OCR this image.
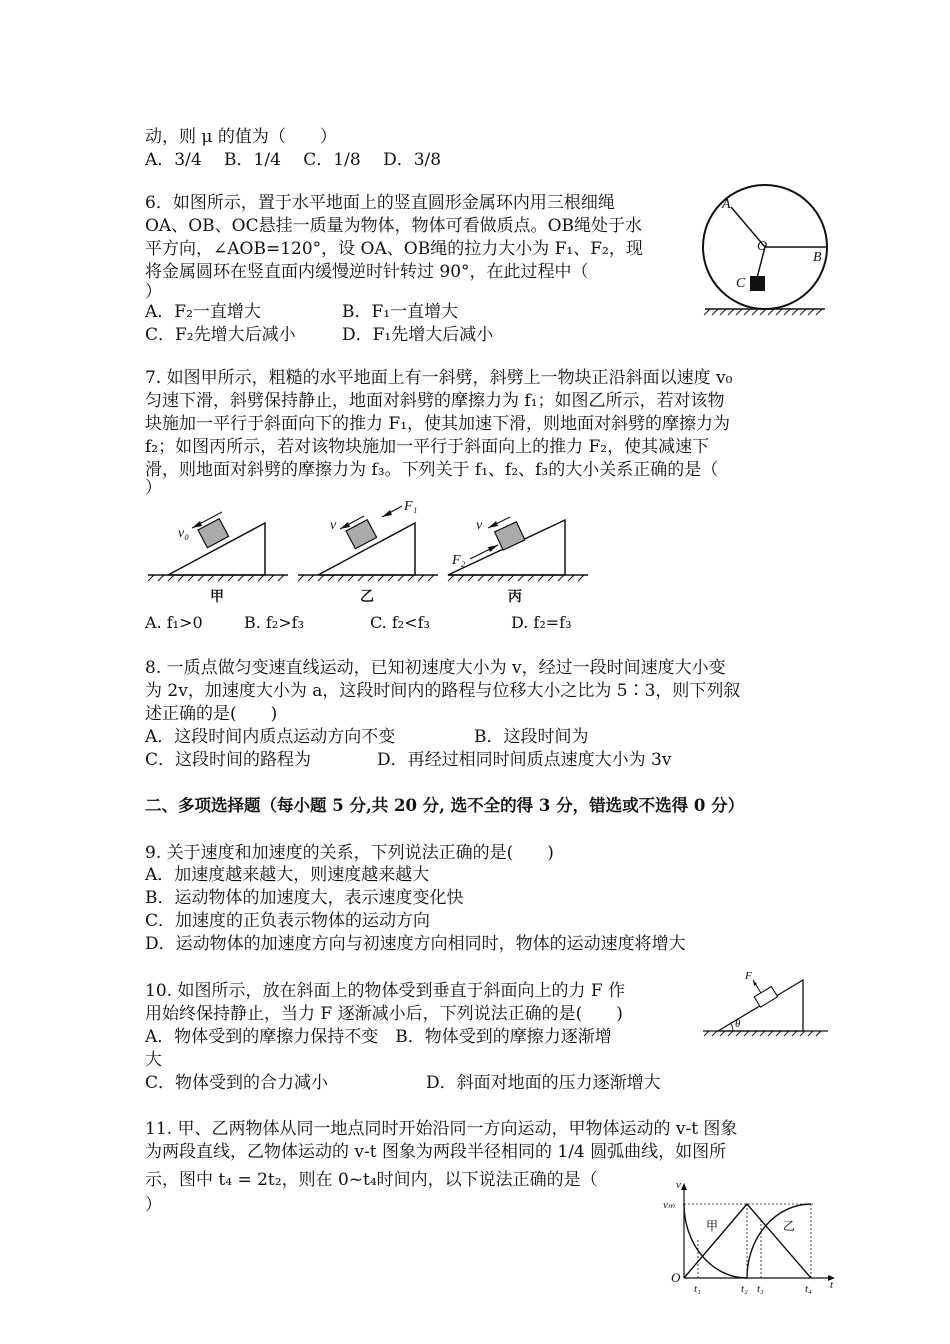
动，则 μ 的值为（　　）
A．3/4　 B．1/4　 C．1/8　 D．3/8
6．如图所示，置于水平地面上的竖直圆形金属环内用三根细绳
OA、OB、OC悬挂一质量为物体，物体可看做质点。OB绳处于水
平方向，∠AOB=120°，设 OA、OB绳的拉力大小为 F₁、F₂，现
将金属圆环在竖直面内缓慢逆时针转过 90°，在此过程中（
）
A．F₂一直增大	B．F₁一直增大
C．F₂先增大后减小	D．F₁先增大后减小
A
O
B
C
7. 如图甲所示，粗糙的水平地面上有一斜劈，斜劈上一物块正沿斜面以速度 v₀
匀速下滑，斜劈保持静止，地面对斜劈的摩擦力为 f₁；如图乙所示，若对该物
块施加一平行于斜面向下的推力 F₁，使其加速下滑，则地面对斜劈的摩擦力为
f₂；如图丙所示，若对该物块施加一平行于斜面向上的推力 F₂，使其减速下
滑，则地面对斜劈的摩擦力为 f₃。下列关于 f₁、f₂、f₃的大小关系正确的是（
）
v₀
甲
v
F₁
乙
v
F₂
丙
A. f₁>0	B. f₂>f₃	C. f₂<f₃	D. f₂=f₃
8. 一质点做匀变速直线运动，已知初速度大小为 v，经过一段时间速度大小变
为 2v，加速度大小为 a，这段时间内的路程与位移大小之比为 5∶3，则下列叙
述正确的是(　　)
A．这段时间内质点运动方向不变	B．这段时间为
C．这段时间的路程为	D．再经过相同时间质点速度大小为 3v
二、多项选择题（每小题 5 分,共 20 分, 选不全的得 3 分，错选或不选得 0 分）
9. 关于速度和加速度的关系，下列说法正确的是(　　)
A．加速度越来越大，则速度越来越大
B．运动物体的加速度大，表示速度变化快
C．加速度的正负表示物体的运动方向
D．运动物体的加速度方向与初速度方向相同时，物体的运动速度将增大
10. 如图所示，放在斜面上的物体受到垂直于斜面向上的力 F 作
用始终保持静止，当力 F 逐渐减小后，下列说法正确的是(　　)
A．物体受到的摩擦力保持不变　B．物体受到的摩擦力逐渐增
大
C．物体受到的合力减小	D．斜面对地面的压力逐渐增大
F
θ
11. 甲、乙两物体从同一地点同时开始沿同一方向运动，甲物体运动的 v-t 图象
为两段直线，乙物体运动的 v-t 图象为两段半径相同的 1/4 圆弧曲线，如图所
示，图中 t₄ = 2t₂，则在 0~t₄时间内，以下说法正确的是（
）
v
vₘ
甲	乙
O
t₁	t₂ t₃	t₄ t
